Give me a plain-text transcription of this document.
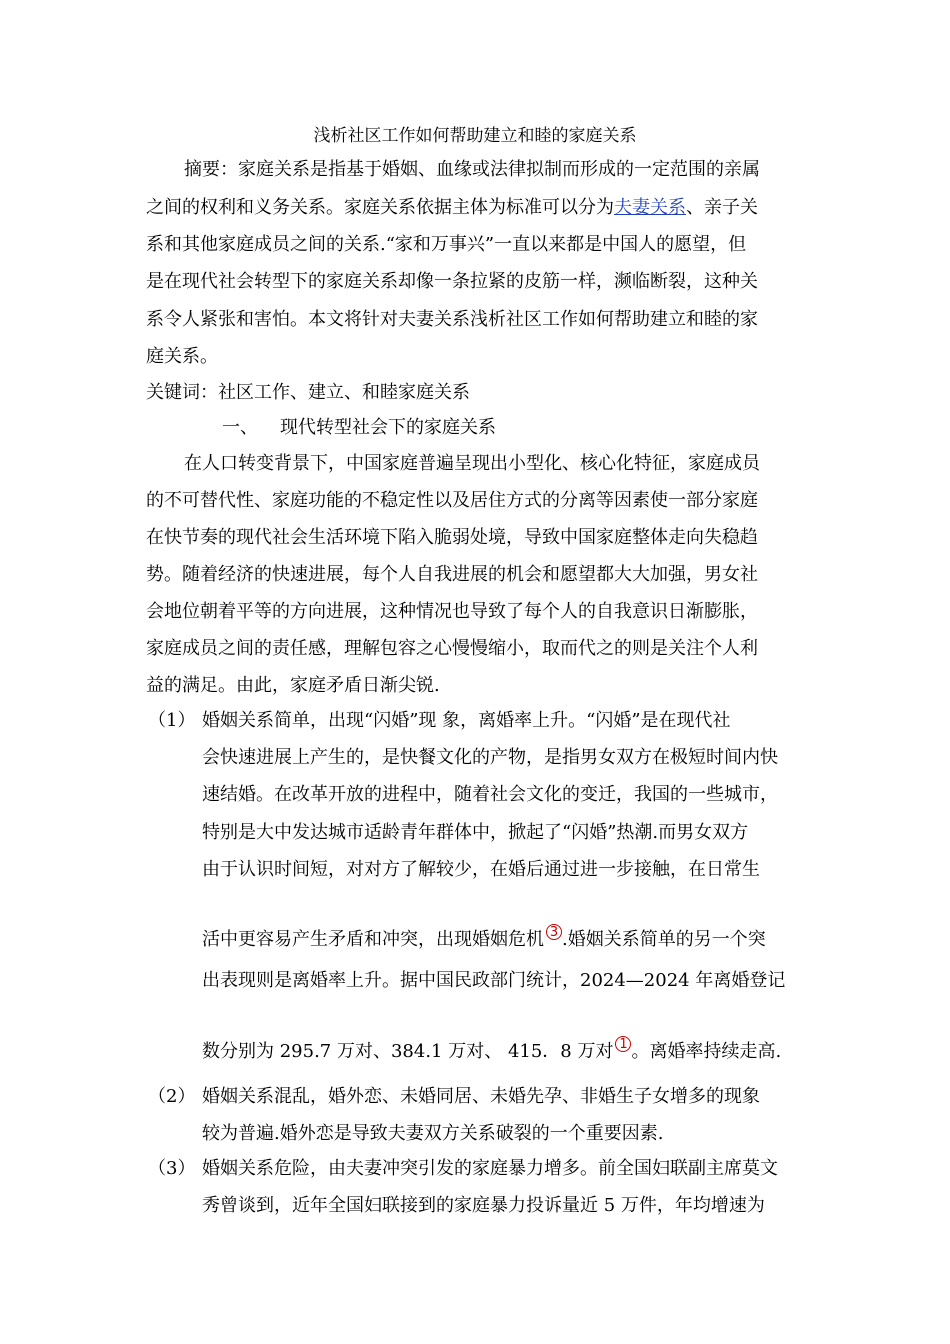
浅析社区工作如何帮助建立和睦的家庭关系
摘要：家庭关系是指基于婚姻、血缘或法律拟制而形成的一定范围的亲属
之间的权利和义务关系。家庭关系依据主体为标准可以分为夫妻关系、亲子关
系和其他家庭成员之间的关系.“家和万事兴”一直以来都是中国人的愿望，但
是在现代社会转型下的家庭关系却像一条拉紧的皮筋一样，濒临断裂，这种关
系令人紧张和害怕。本文将针对夫妻关系浅析社区工作如何帮助建立和睦的家
庭关系。
关键词：社区工作、建立、和睦家庭关系
一、 现代转型社会下的家庭关系
在人口转变背景下，中国家庭普遍呈现出小型化、核心化特征，家庭成员
的不可替代性、家庭功能的不稳定性以及居住方式的分离等因素使一部分家庭
在快节奏的现代社会生活环境下陷入脆弱处境，导致中国家庭整体走向失稳趋
势。随着经济的快速进展，每个人自我进展的机会和愿望都大大加强，男女社
会地位朝着平等的方向进展，这种情况也导致了每个人的自我意识日渐膨胀，
家庭成员之间的责任感，理解包容之心慢慢缩小，取而代之的则是关注个人利
益的满足。由此，家庭矛盾日渐尖锐.
（1） 婚姻关系简单，出现“闪婚”现 象，离婚率上升。“闪婚”是在现代社
会快速进展上产生的，是快餐文化的产物，是指男女双方在极短时间内快
速结婚。在改革开放的进程中，随着社会文化的变迁，我国的一些城市，
特别是大中发达城市适龄青年群体中，掀起了“闪婚”热潮.而男女双方
由于认识时间短，对对方了解较少，在婚后通过进一步接触，在日常生
活中更容易产生矛盾和冲突，出现婚姻危机 3 .婚姻关系简单的另一个突
出表现则是离婚率上升。据中国民政部门统计，2024—2024 年离婚登记
数分别为 295.7 万对、384.1 万对、 415．8 万对 1 。离婚率持续走高.
（2） 婚姻关系混乱，婚外恋、未婚同居、未婚先孕、非婚生子女增多的现象
较为普遍.婚外恋是导致夫妻双方关系破裂的一个重要因素.
（3） 婚姻关系危险，由夫妻冲突引发的家庭暴力增多。前全国妇联副主席莫文
秀曾谈到，近年全国妇联接到的家庭暴力投诉量近 5 万件，年均增速为
